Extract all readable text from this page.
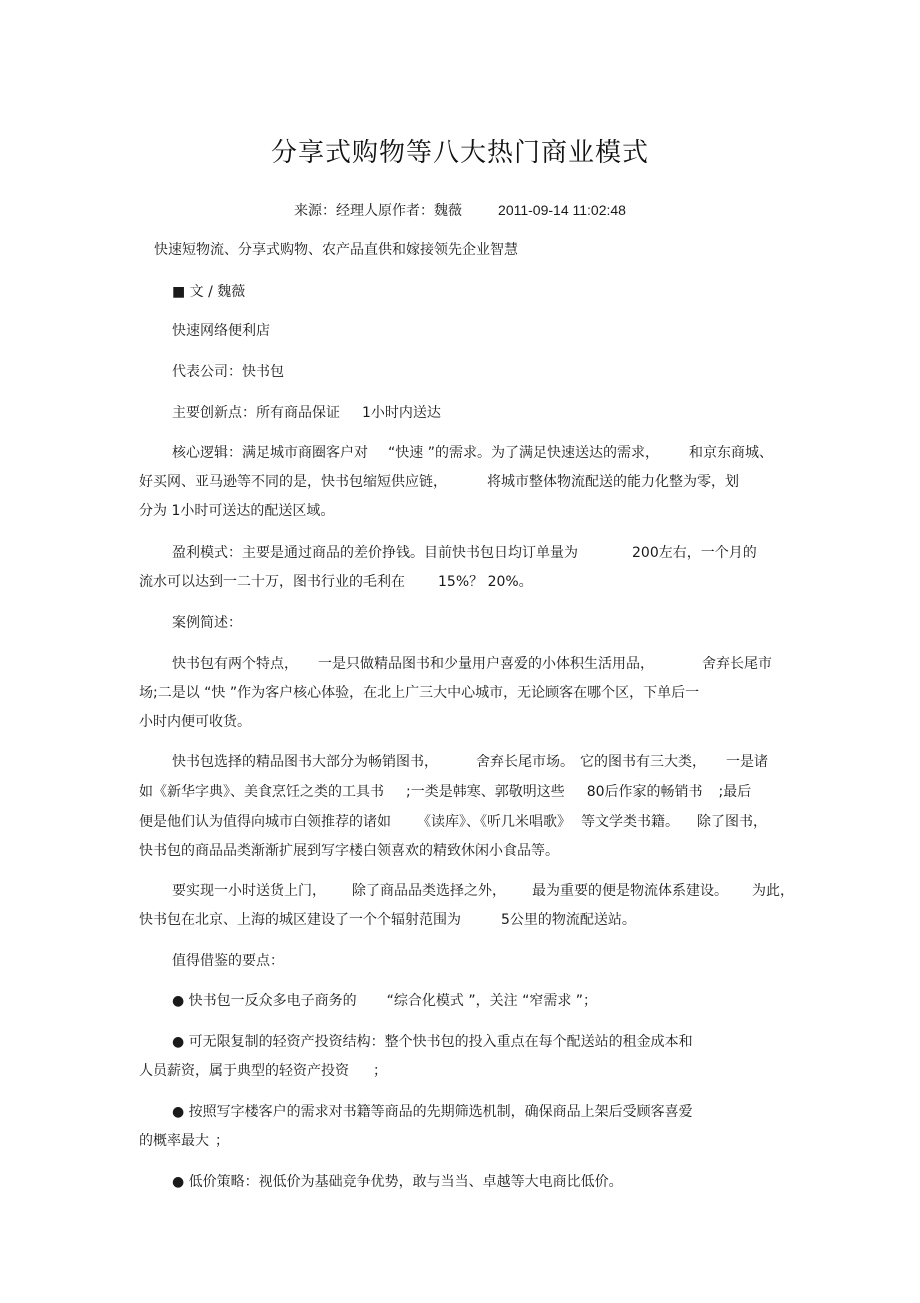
分享式购物等八大热门商业模式
来源：经理人原作者：魏薇	2011-09-14 11:02:48
快速短物流、分享式购物、农产品直供和嫁接领先企业智慧
■ 文 / 魏薇
快速网络便利店
代表公司：快书包
主要创新点：所有商品保证 1小时内送达
核心逻辑：满足城市商圈客户对 “快速 ”的需求。为了满足快速送达的需求， 和京东商城、
好买网、亚马逊等不同的是，快书包缩短供应链，	将城市整体物流配送的能力化整为零，划
分为 1小时可送达的配送区域。
盈利模式：主要是通过商品的差价挣钱。目前快书包日均订单量为	200左右，一个月的
流水可以达到一二十万，图书行业的毛利在 15%？ 20%。
案例简述：
快书包有两个特点， 一是只做精品图书和少量用户喜爱的小体积生活用品，	舍弃长尾市
场;二是以 “快 ”作为客户核心体验，在北上广三大中心城市，无论顾客在哪个区，下单后一
小时内便可收货。
快书包选择的精品图书大部分为畅销图书，	舍弃长尾市场。 它的图书有三大类， 一是诸
如《新华字典》、美食烹饪之类的工具书 ;一类是韩寒、郭敬明这些 80后作家的畅销书 ;最后
便是他们认为值得向城市白领推荐的诸如 《读库》、《听几米唱歌》 等文学类书籍。 除了图书，
快书包的商品品类渐渐扩展到写字楼白领喜欢的精致休闲小食品等。
要实现一小时送货上门， 除了商品品类选择之外， 最为重要的便是物流体系建设。 为此，
快书包在北京、上海的城区建设了一个个辐射范围为	5公里的物流配送站。
值得借鉴的要点：
● 快书包一反众多电子商务的 “综合化模式 ”，关注 “窄需求 ”；
● 可无限复制的轻资产投资结构：整个快书包的投入重点在每个配送站的租金成本和
人员薪资，属于典型的轻资产投资 ；
● 按照写字楼客户的需求对书籍等商品的先期筛选机制，确保商品上架后受顾客喜爱
的概率最大 ；
● 低价策略：视低价为基础竞争优势，敢与当当、卓越等大电商比低价。
